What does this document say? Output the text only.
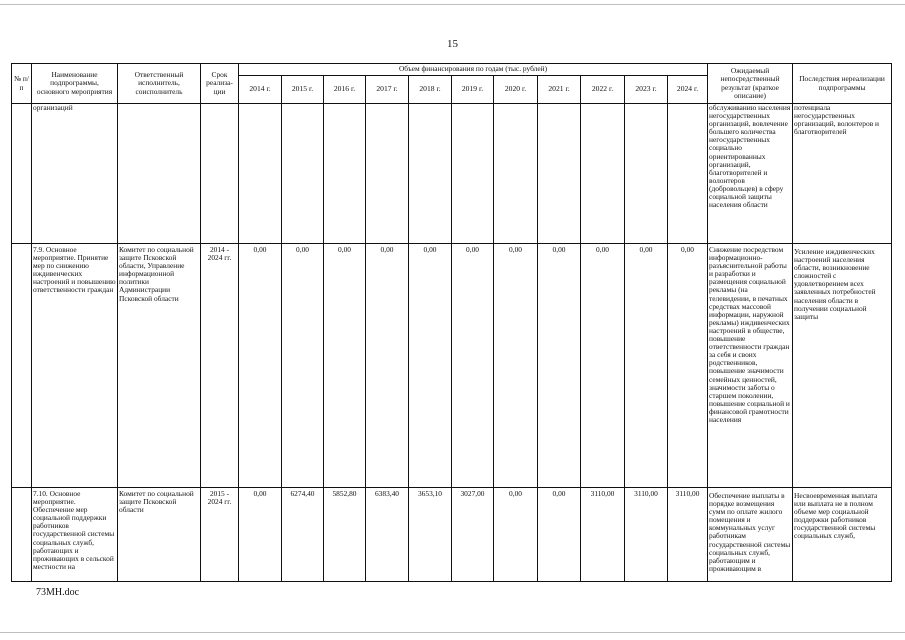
15
№ п/п	Наименование подпрограммы, основного мероприятия	Ответственный исполнитель, соисполнитель	Срок реализа-ции	Объем финансирования по годам (тыс. рублей)											Ожидаемый непосредственный результат (краткое описание)	Последствия нереализации подпрограммы
				2014 г.	2015 г.	2016 г.	2017 г.	2018 г.	2019 г.	2020 г.	2021 г.	2022 г.	2023 г.	2024 г.		
	организаций														обслуживанию населения негосударственных организаций, вовлечение большего количества негосударственных социально ориентированных организаций, благотворителей и волонтеров (добровольцев) в сферу социальной защиты населения области	потенциала негосударственных организаций, волонтеров и благотворителей
	7.9. Основное мероприятие. Принятие мер по снижению иждивенческих настроений и повышению ответственности граждан	Комитет по социальной защите Псковской области, Управление информационной политики Администрации Псковской области	2014 - 2024 гг.	0,00	0,00	0,00	0,00	0,00	0,00	0,00	0,00	0,00	0,00	0,00	Снижение посредством информационно-разъяснительной работы и разработки и размещения социальной рекламы (на телевидении, в печатных средствах массовой информации, наружной рекламы) иждивенческих настроений в обществе, повышение ответственности граждан за себя и своих родственников, повышение значимости семейных ценностей, значимости заботы о старшем поколении, повышение социальной и финансовой грамотности населения	Усиление иждивенческих настроений населения области, возникновение сложностей с удовлетворением всех заявленных потребностей населения области в получении социальной защиты
	7.10. Основное мероприятие. Обеспечение мер социальной поддержки работников государственной системы социальных служб, работающих и проживающих в сельской местности на	Комитет по социальной защите Псковской области	2015 - 2024 гг.	0,00	6274,40	5852,80	6383,40	3653,10	3027,00	0,00	0,00	3110,00	3110,00	3110,00	Обеспечение выплаты в порядке возмещения сумм по оплате жилого помещения и коммунальных услуг работникам государственной системы социальных служб, работающим и проживающим в	Несвоевременная выплата или выплата не в полном объеме мер социальной поддержки работников государственной системы социальных служб,
73MH.doc
